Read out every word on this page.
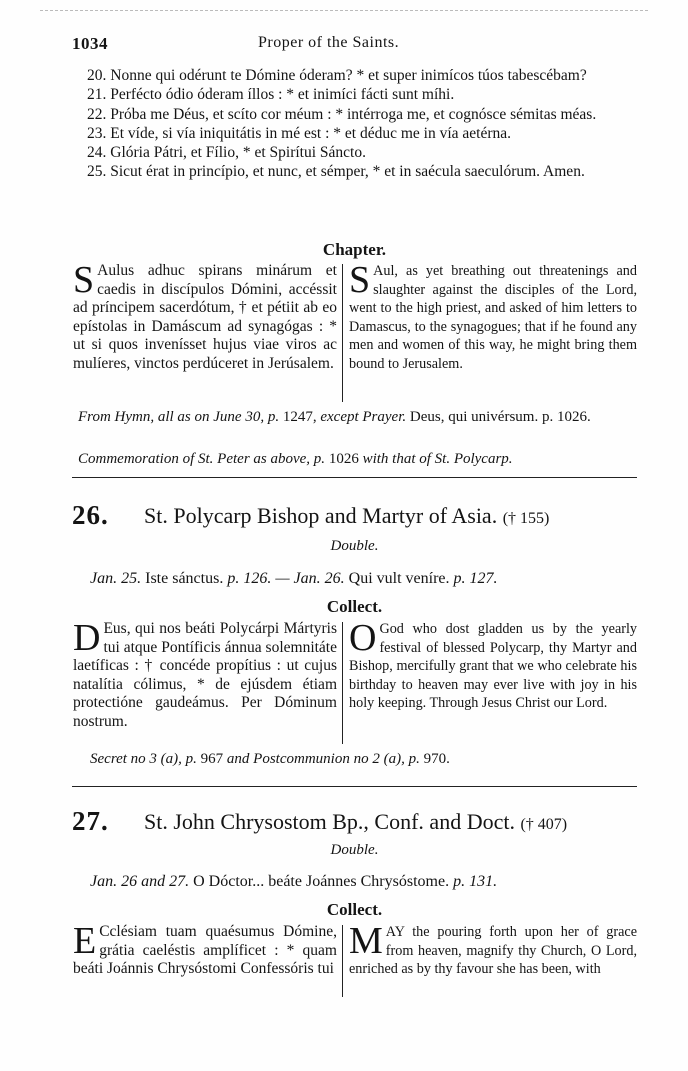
1034	Proper of the Saints.

20. Nonne qui odérunt te Dómine óderam? * et super inimícos túos tabescébam?

21. Perfécto ódio óderam íllos : * et inimíci fácti sunt míhi.

22. Próba me Déus, et scíto cor méum : * intérroga me, et cognósce sémitas méas.

23. Et víde, si vía iniquitátis in mé est : * et déduc me in vía aetérna.

24. Glória Pátri, et Fílio, * et Spirítui Sáncto.

25. Sicut érat in princípio, et nunc, et sémper, * et in saécula saeculórum. Amen.

Chapter.

S Aulus adhuc spirans minárum et caedis in discípulos Dómini, accéssit ad príncipem sacerdótum, † et pétiit ab eo epístolas in Damáscum ad synagógas : * ut si quos invenísset hujus viae viros ac mulíeres, vinctos perdúceret in Jerúsalem.

S Aul, as yet breathing out threatenings and slaughter against the disciples of the Lord, went to the high priest, and asked of him letters to Damascus, to the synagogues; that if he found any men and women of this way, he might bring them bound to Jerusalem.

From Hymn, all as on June 30, p. 1247, except Prayer. Deus, qui univérsum. p. 1026.
Commemoration of St. Peter as above, p. 1026 with that of St. Polycarp.
26. St. Polycarp Bishop and Martyr of Asia. († 155)
Double.
Jan. 25. Iste sánctus. p. 126. — Jan. 26. Qui vult veníre. p. 127.
Collect.

D Eus, qui nos beáti Polycárpi Mártyris tui atque Pontíficis ánnua solemnitáte laetíficas : † concéde propítius : ut cujus natalítia cólimus, * de ejúsdem étiam protectióne gaudeámus. Per Dóminum nostrum.

O God who dost gladden us by the yearly festival of blessed Polycarp, thy Martyr and Bishop, mercifully grant that we who celebrate his birthday to heaven may ever live with joy in his holy keeping. Through Jesus Christ our Lord.

Secret no 3 (a), p. 967 and Postcommunion no 2 (a), p. 970.
27. St. John Chrysostom Bp., Conf. and Doct. († 407)
Double.
Jan. 26 and 27. O Dóctor... beáte Joánnes Chrysóstome. p. 131.
Collect.

E Cclésiam tuam quaésumus Dómine, grátia caeléstis amplíficet : * quam beáti Joánnis Chrysóstomi Confessóris tui

MAY the pouring forth upon her of grace from heaven, magnify thy Church, O Lord, enriched as by thy favour she has been, with
